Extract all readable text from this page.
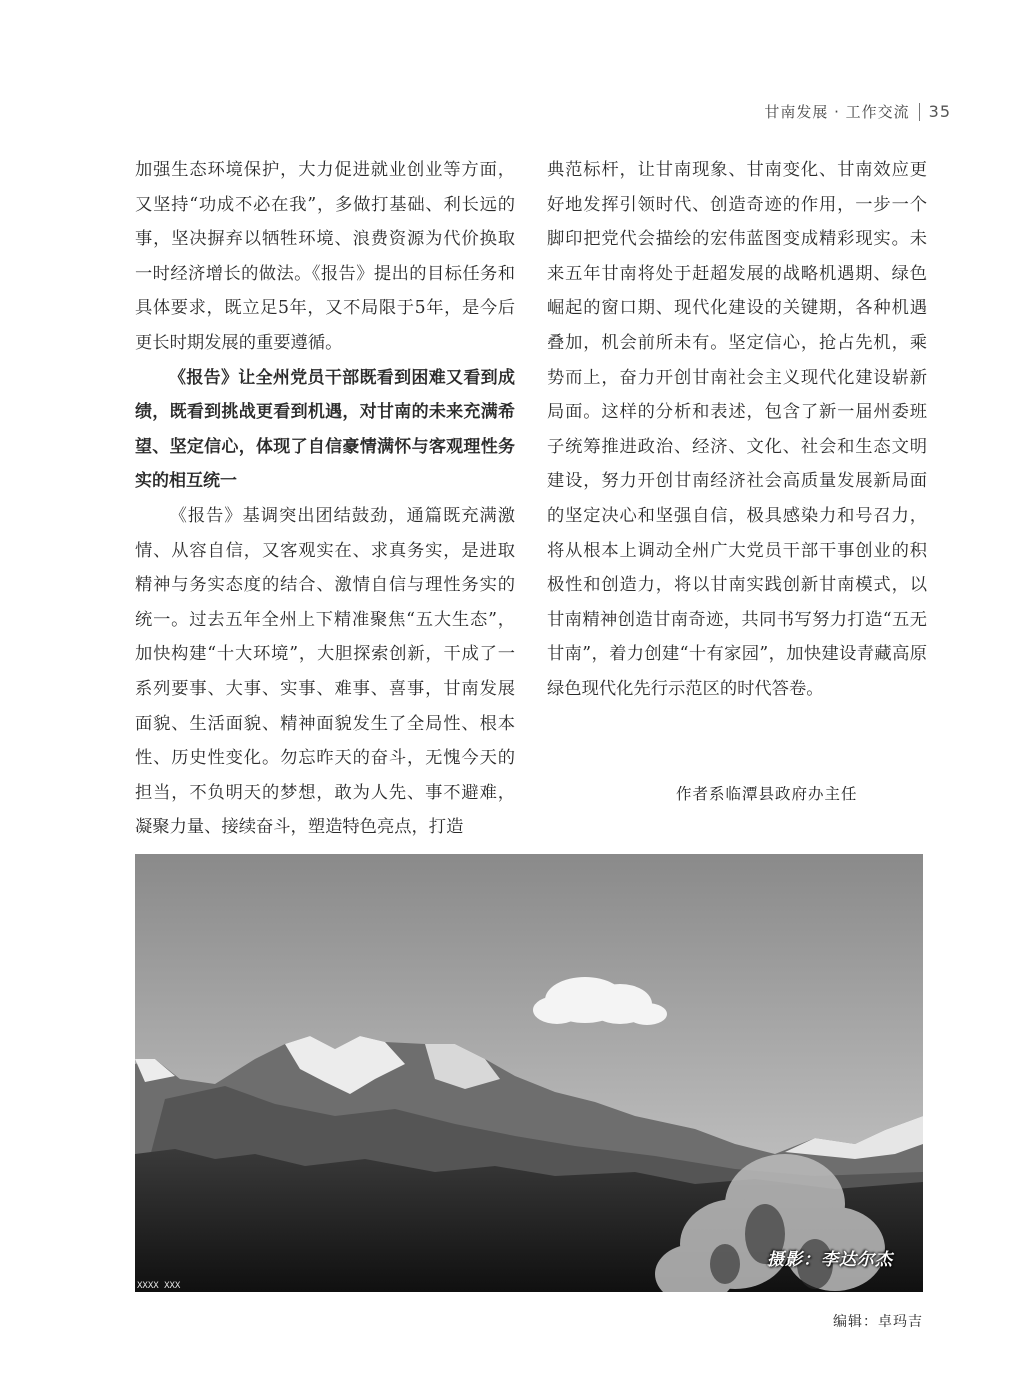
甘南发展 · 工作交流 35

加强生态环境保护，大力促进就业创业等方面，又坚持“功成不必在我”，多做打基础、利长远的事，坚决摒弃以牺牲环境、浪费资源为代价换取一时经济增长的做法。《报告》提出的目标任务和具体要求，既立足5年，又不局限于5年，是今后更长时期发展的重要遵循。

《报告》让全州党员干部既看到困难又看到成绩，既看到挑战更看到机遇，对甘南的未来充满希望、坚定信心，体现了自信豪情满怀与客观理性务实的相互统一

《报告》基调突出团结鼓劲，通篇既充满激情、从容自信，又客观实在、求真务实，是进取精神与务实态度的结合、激情自信与理性务实的统一。过去五年全州上下精准聚焦“五大生态”，加快构建“十大环境”，大胆探索创新，干成了一系列要事、大事、实事、难事、喜事，甘南发展面貌、生活面貌、精神面貌发生了全局性、根本性、历史性变化。勿忘昨天的奋斗，无愧今天的担当，不负明天的梦想，敢为人先、事不避难，凝聚力量、接续奋斗，塑造特色亮点，打造

典范标杆，让甘南现象、甘南变化、甘南效应更好地发挥引领时代、创造奇迹的作用，一步一个脚印把党代会描绘的宏伟蓝图变成精彩现实。未来五年甘南将处于赶超发展的战略机遇期、绿色崛起的窗口期、现代化建设的关键期，各种机遇叠加，机会前所未有。坚定信心，抢占先机，乘势而上，奋力开创甘南社会主义现代化建设崭新局面。这样的分析和表述，包含了新一届州委班子统筹推进政治、经济、文化、社会和生态文明建设，努力开创甘南经济社会高质量发展新局面的坚定决心和坚强自信，极具感染力和号召力，将从根本上调动全州广大党员干部干事创业的积极性和创造力，将以甘南实践创新甘南模式，以甘南精神创造甘南奇迹，共同书写努力打造“五无甘南”，着力创建“十有家园”，加快建设青藏高原绿色现代化先行示范区的时代答卷。

作者系临潭县政府办主任
摄影：李达尔杰
XXXX XXX
编辑：卓玛吉
